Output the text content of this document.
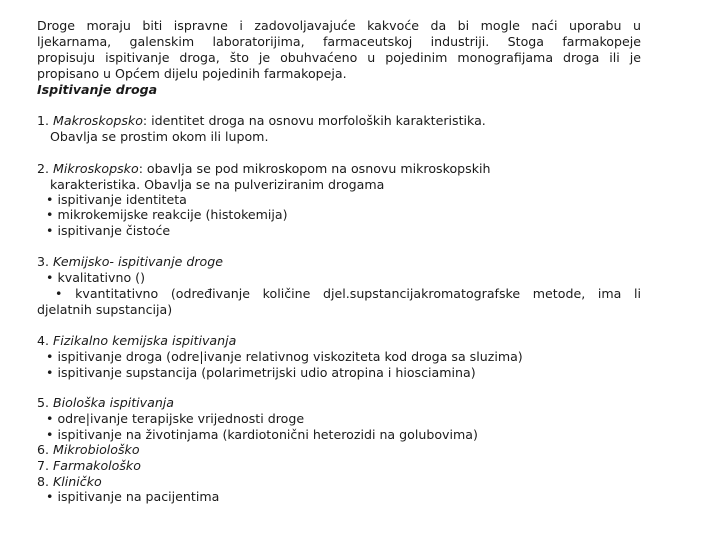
Droge moraju biti ispravne i zadovoljavajuće kakvoće da bi mogle naći uporabu u
ljekarnama, galenskim laboratorijima, farmaceutskoj industriji. Stoga farmakopeje
propisuju ispitivanje droga, što je obuhvaćeno u pojedinim monografijama droga ili je
propisano u Općem dijelu pojedinih farmakopeja.
Ispitivanje droga
1. Makroskopsko: identitet droga na osnovu morfoloških karakteristika.
Obavlja se prostim okom ili lupom.
2. Mikroskopsko: obavlja se pod mikroskopom na osnovu mikroskopskih
karakteristika. Obavlja se na pulveriziranim drogama
• ispitivanje identiteta
• mikrokemijske reakcije (histokemija)
• ispitivanje čistoće
3. Kemijsko- ispitivanje droge
• kvalitativno ()
• kvantitativno (određivanje količine djel.supstancijakromatografske metode, ima li
djelatnih supstancija)
4. Fizikalno kemijska ispitivanja
• ispitivanje droga (odre|ivanje relativnog viskoziteta kod droga sa sluzima)
• ispitivanje supstancija (polarimetrijski udio atropina i hiosciamina)
5. Biološka ispitivanja
• odre|ivanje terapijske vrijednosti droge
• ispitivanje na životinjama (kardiotonični heterozidi na golubovima)
6. Mikrobiološko
7. Farmakološko
8. Kliničko
• ispitivanje na pacijentima
